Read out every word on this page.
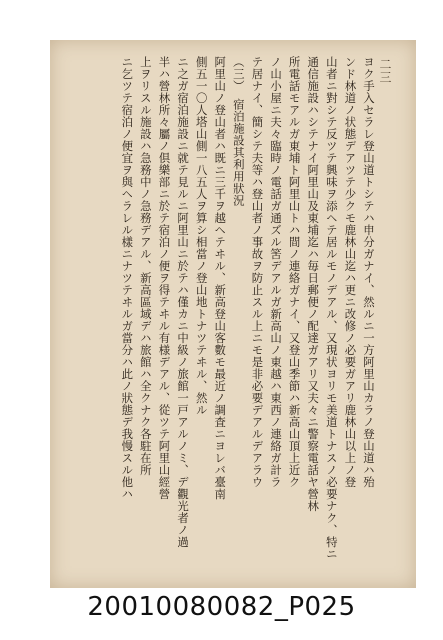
二三
ヨク手入セラレ登山道トシテハ申分ガナイ、然ルニ一方阿里山カラノ登山道ハ殆
ンド林道ノ状態デアツテ少クモ鹿林山迄ハ更ニ改修ノ必要ガアリ鹿林山以上ノ登
山者ニ對シテ反ツテ興味ヲ添ヘテ居ルモノデアル、又現状ヨリモ美道トナスノ必要ナク、特ニ
通信施設ハシテナイ阿里山及東埔迄ハ毎日郵便ノ配達ガアリ又夫々ニ警察電話ヤ營林
所電話モアルガ東埔ト阿里山トハ間ノ連絡ガナイ、又登山季節ハ新高山頂上近ク
ノ山小屋ニ夫々臨時ノ電話ガ通ズル筈デアルガ新高山ノ東越ハ東西ノ連絡ガ計ラ
テ居ナイ、簡シテ夫等ハ登山者ノ事故ヲ防止スル上ニモ是非必要デアルデアラウ
（三）　宿泊施設其利用狀況
阿里山ノ登山者ハ既ニ三千ヲ越ヘテヰル、新高登山客數モ最近ノ調査ニヨレバ臺南
側五一〇人塔山側一八五人ヲ算シ相當ノ登山地トナツテヰル、然ル
ニ之ガ宿泊施設ニ就テ見ルニ阿里山ニ於テハ僅カニ中級ノ旅館一戸アルノミ、デ觀光者ノ過
半ハ營林所々屬ノ倶樂部ニ於テ宿泊ノ便ヲ得テヰル有様デアル、從ツテ阿里山經營
上ヲリスル施設ハ急務中ノ急務デアル、新高區域デハ旅館ハ全クナク各駐在所
ニ乞ツテ宿泊ノ便宜ヲ與ヘラレル樣ニナツテヰルガ當分ハ此ノ狀態デ我慢スル他ハ
20010080082_P025
